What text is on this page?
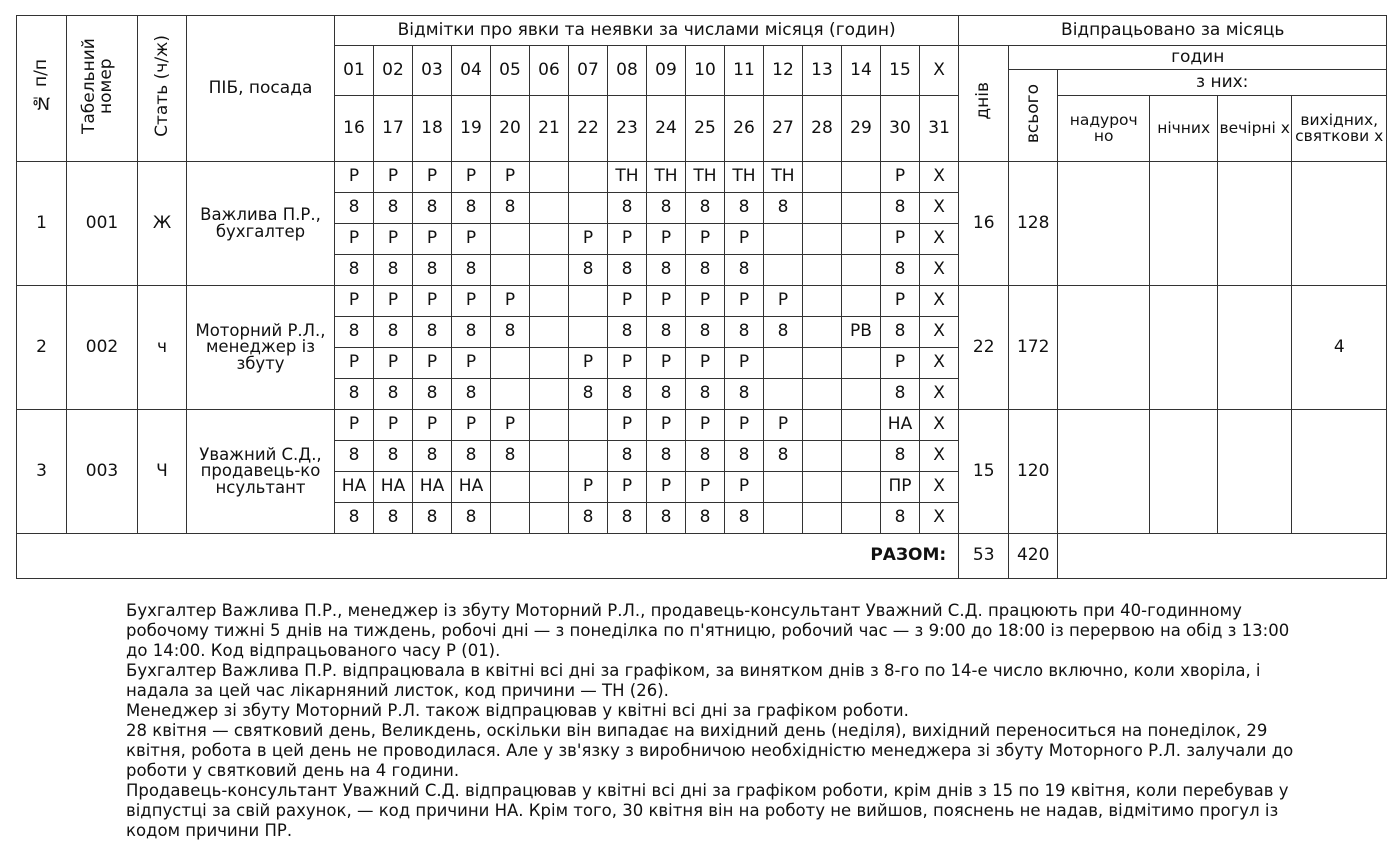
№ п/п	Табельний номер	Стать (ч/ж)	ПІБ, посада	Відмітки про явки та неявки за числами місяця (годин)																Відпрацьовано за місяць					
				01	02	03	04	05	06	07	08	09	10	11	12	13	14	15	Х	днів	годин				
																					всього	з них:			
				16	17	18	19	20	21	22	23	24	25	26	27	28	29	30	31			надуроч но	нічних	вечірні х	вихідних, святкови х
1	001	Ж	Важлива П.Р., бухгалтер	Р	Р	Р	Р	Р			ТН	ТН	ТН	ТН	ТН			Р	Х	16	128				
				8	8	8	8	8			8	8	8	8	8			8	Х						
				Р	Р	Р	Р			Р	Р	Р	Р	Р				Р	Х						
				8	8	8	8			8	8	8	8	8				8	Х						
2	002	ч	Моторний Р.Л., менеджер із збуту	Р	Р	Р	Р	Р			Р	Р	Р	Р	Р			Р	Х	22	172				4
				8	8	8	8	8			8	8	8	8	8		РВ	8	Х						
				Р	Р	Р	Р			Р	Р	Р	Р	Р				Р	Х						
				8	8	8	8			8	8	8	8	8				8	Х						
3	003	Ч	Уважний С.Д., продавець-ко нсультант	Р	Р	Р	Р	Р			Р	Р	Р	Р	Р			НА	Х	15	120				
				8	8	8	8	8			8	8	8	8	8			8	Х						
				НА	НА	НА	НА			Р	Р	Р	Р	Р				ПР	Х						
				8	8	8	8			8	8	8	8	8				8	Х						
РАЗОМ:																				53	420				
Бухгалтер Важлива П.Р., менеджер із збуту Моторний Р.Л., продавець-консультант Уважний С.Д. працюють при 40-годинному робочому тижні 5 днів на тиждень, робочі дні — з понеділка по п'ятницю, робочий час — з 9:00 до 18:00 із перервою на обід з 13:00 до 14:00. Код відпрацьованого часу Р (01).
Бухгалтер Важлива П.Р. відпрацювала в квітні всі дні за графіком, за винятком днів з 8-го по 14-е число включно, коли хворіла, і надала за цей час лікарняний листок, код причини — ТН (26).
Менеджер зі збуту Моторний Р.Л. також відпрацював у квітні всі дні за графіком роботи.
28 квітня — святковий день, Великдень, оскільки він випадає на вихідний день (неділя), вихідний переноситься на понеділок, 29 квітня, робота в цей день не проводилася. Але у зв'язку з виробничою необхідністю менеджера зі збуту Моторного Р.Л. залучали до роботи у святковий день на 4 години.
Продавець-консультант Уважний С.Д. відпрацював у квітні всі дні за графіком роботи, крім днів з 15 по 19 квітня, коли перебував у відпустці за свій рахунок, — код причини НА. Крім того, 30 квітня він на роботу не вийшов, пояснень не надав, відмітимо прогул із кодом причини ПР.
